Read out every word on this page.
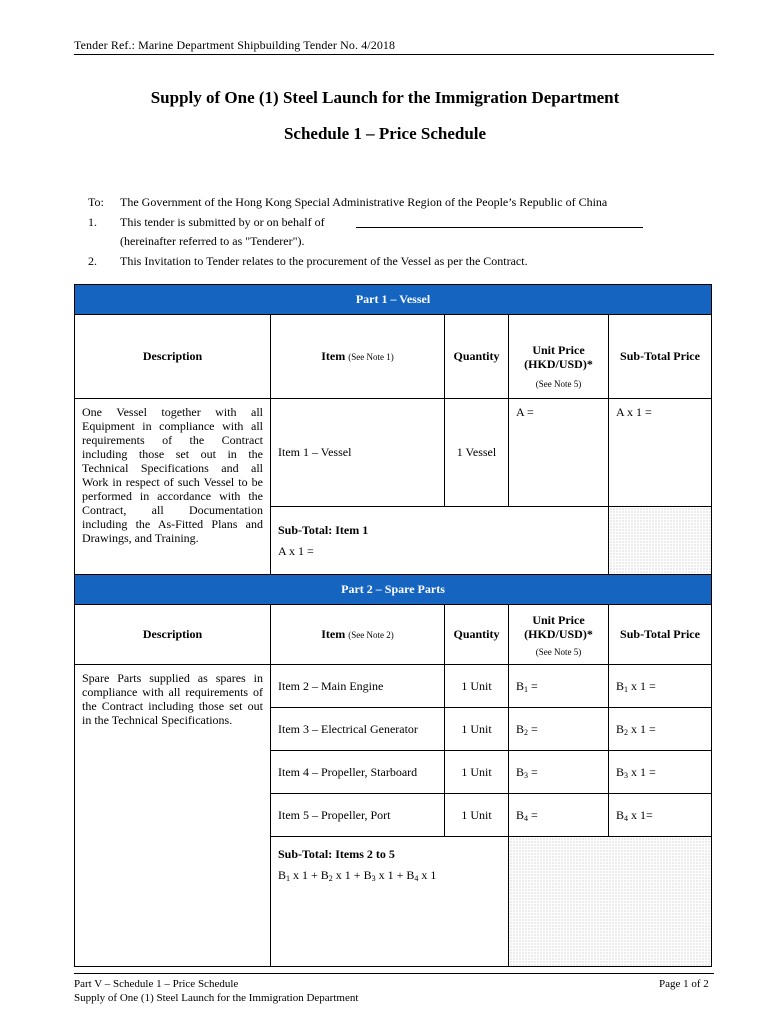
Tender Ref.: Marine Department Shipbuilding Tender No. 4/2018
Supply of One (1) Steel Launch for the Immigration Department
Schedule 1 – Price Schedule
To: The Government of the Hong Kong Special Administrative Region of the People’s Republic of China
1. This tender is submitted by or on behalf of
(hereinafter referred to as "Tenderer").
2. This Invitation to Tender relates to the procurement of the Vessel as per the Contract.
Part 1 – Vessel				
Description	Item (See Note 1)	Quantity	Unit Price
(HKD/USD)*
(See Note 5)	Sub-Total Price
One Vessel together with all Equipment in compliance with all requirements of the Contract including those set out in the Technical Specifications and all Work in respect of such Vessel to be performed in accordance with the Contract, all Documentation including the As-Fitted Plans and Drawings, and Training.	Item 1 – Vessel	1 Vessel	A =	A x 1 =

	Sub-Total: Item 1
A x 1 =			

Part 2 – Spare Parts				
Description	Item (See Note 2)	Quantity	Unit Price
(HKD/USD)*
(See Note 5)	Sub-Total Price
Spare Parts supplied as spares in compliance with all requirements of the Contract including those set out in the Technical Specifications.	Item 2 – Main Engine	1 Unit	$B_1$ =	$B_1$ x 1 =
	Item 3 – Electrical Generator	1 Unit	$B_2$ =	$B_2$ x 1 =
	Item 4 – Propeller, Starboard	1 Unit	$B_3$ =	$B_3$ x 1 =
	Item 5 – Propeller, Port	1 Unit	$B_4$ =	$B_4$ x 1=

	Sub-Total: Items 2 to 5
$B_1$ x $1 + B_2$ x $1 + B_3$ x $1 + B_4$ x 1			

Part V – Schedule 1 – Price Schedule
Supply of One (1) Steel Launch for the Immigration Department
Page 1 of 2
